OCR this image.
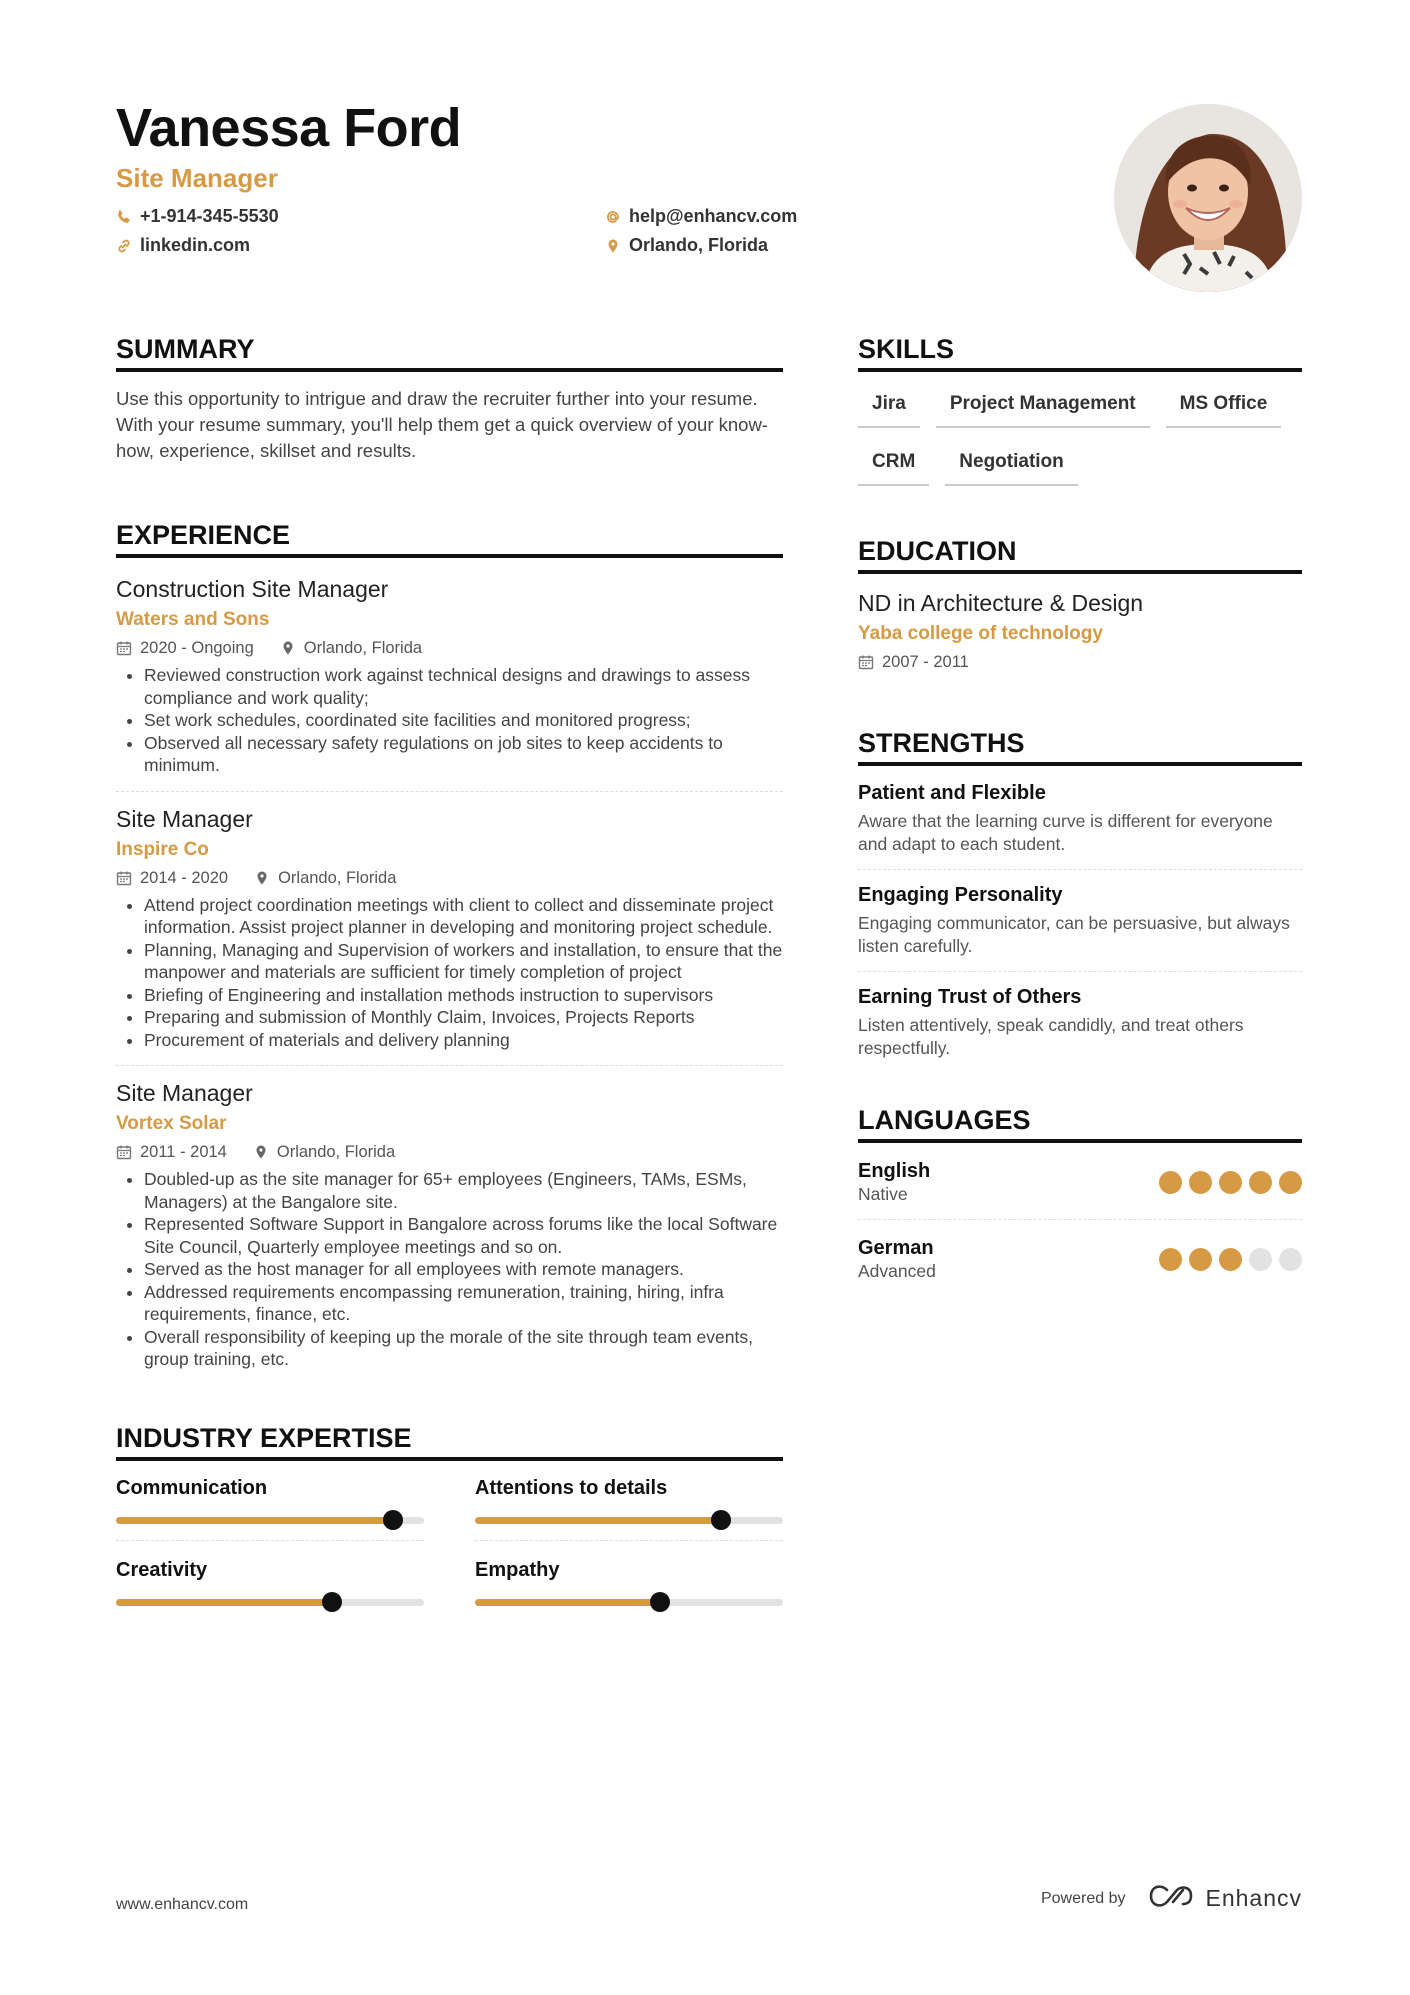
Vanessa Ford
Site Manager
+1-914-345-5530	help@enhancv.com
linkedin.com	Orlando, Florida
SUMMARY
Use this opportunity to intrigue and draw the recruiter further into your resume. With your resume summary, you'll help them get a quick overview of your know-how, experience, skillset and results.
EXPERIENCE
Construction Site Manager
Waters and Sons
2020 - Ongoing	Orlando, Florida
• Reviewed construction work against technical designs and drawings to assess compliance and work quality;
• Set work schedules, coordinated site facilities and monitored progress;
• Observed all necessary safety regulations on job sites to keep accidents to minimum.
Site Manager
Inspire Co
2014 - 2020	Orlando, Florida
• Attend project coordination meetings with client to collect and disseminate project information. Assist project planner in developing and monitoring project schedule.
• Planning, Managing and Supervision of workers and installation, to ensure that the manpower and materials are sufficient for timely completion of project
• Briefing of Engineering and installation methods instruction to supervisors
• Preparing and submission of Monthly Claim, Invoices, Projects Reports
• Procurement of materials and delivery planning
Site Manager
Vortex Solar
2011 - 2014	Orlando, Florida
• Doubled-up as the site manager for 65+ employees (Engineers, TAMs, ESMs, Managers) at the Bangalore site.
• Represented Software Support in Bangalore across forums like the local Software Site Council, Quarterly employee meetings and so on.
• Served as the host manager for all employees with remote managers.
• Addressed requirements encompassing remuneration, training, hiring, infra requirements, finance, etc.
• Overall responsibility of keeping up the morale of the site through team events, group training, etc.
INDUSTRY EXPERTISE
Communication	Attentions to details
Creativity	Empathy
SKILLS
Jira	Project Management	MS Office
CRM	Negotiation
EDUCATION
ND in Architecture & Design
Yaba college of technology
2007 - 2011
STRENGTHS
Patient and Flexible
Aware that the learning curve is different for everyone and adapt to each student.
Engaging Personality
Engaging communicator, can be persuasive, but always listen carefully.
Earning Trust of Others
Listen attentively, speak candidly, and treat others respectfully.
LANGUAGES
English
Native
German
Advanced
www.enhancv.com	Powered by	Enhancv
